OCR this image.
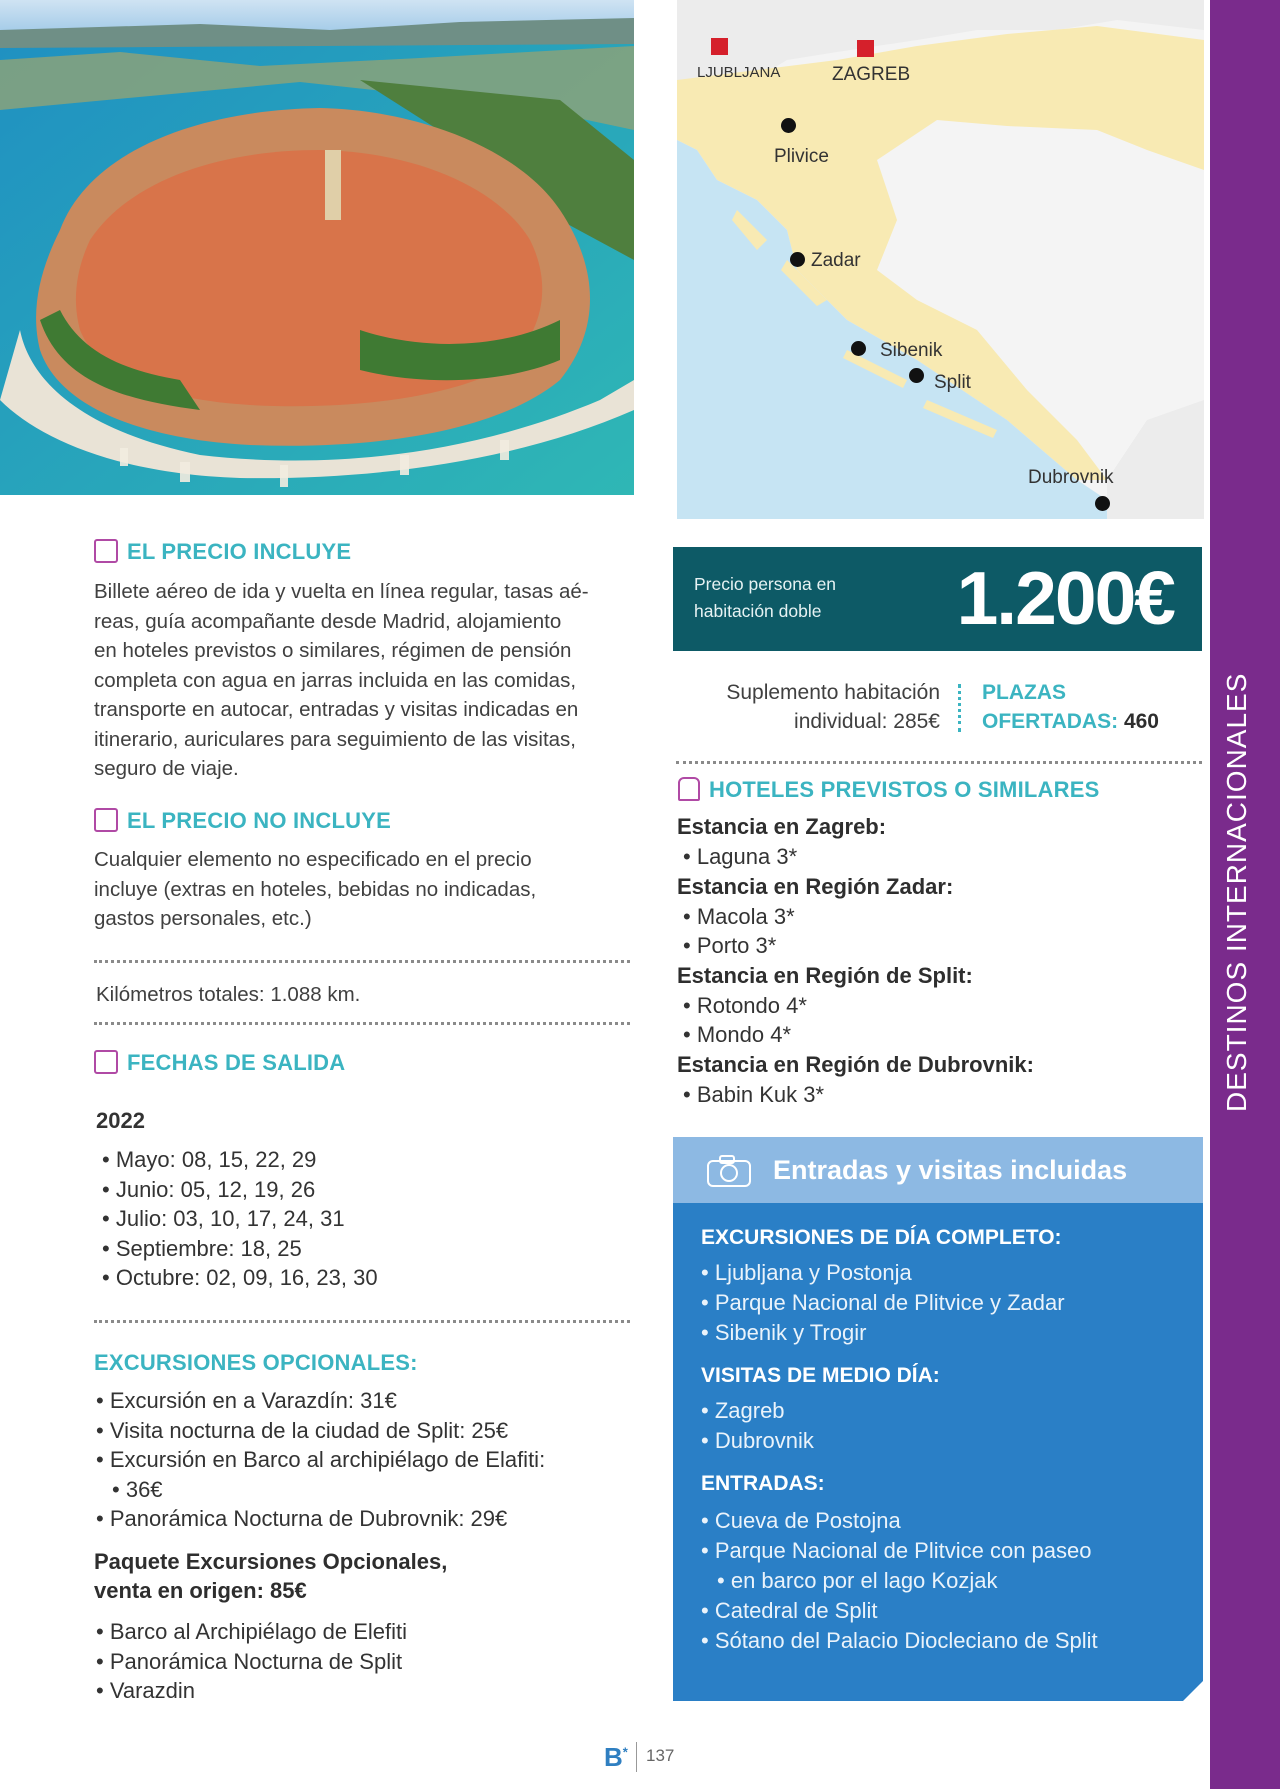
LJUBLJANA	ZAGREB
Plivice
Zadar
Sibenik
Split
Dubrovnik
DESTINOS INTERNACIONALES
EL PRECIO INCLUYE
Billete aéreo de ida y vuelta en línea regular, tasas aé-
reas, guía acompañante desde Madrid, alojamiento
en hoteles previstos o similares, régimen de pensión
completa con agua en jarras incluida en las comidas,
transporte en autocar, entradas y visitas indicadas en
itinerario, auriculares para seguimiento de las visitas,
seguro de viaje.
EL PRECIO NO INCLUYE
Cualquier elemento no especificado en el precio
incluye (extras en hoteles, bebidas no indicadas,
gastos personales, etc.)
Kilómetros totales: 1.088 km.
FECHAS DE SALIDA
2022
• Mayo: 08, 15, 22, 29
• Junio: 05, 12, 19, 26
• Julio: 03, 10, 17, 24, 31
• Septiembre: 18, 25
• Octubre: 02, 09, 16, 23, 30
EXCURSIONES OPCIONALES:
• Excursión en a Varazdín: 31€
• Visita nocturna de la ciudad de Split: 25€
• Excursión en Barco al archipiélago de Elafiti:
• 36€
• Panorámica Nocturna de Dubrovnik: 29€
Paquete Excursiones Opcionales,
venta en origen: 85€
• Barco al Archipiélago de Elefiti
• Panorámica Nocturna de Split
• Varazdin
Precio persona en
habitación doble	1.200€
Suplemento habitación
individual: 285€
PLAZAS
OFERTADAS: 460
HOTELES PREVISTOS O SIMILARES
Estancia en Zagreb:
• Laguna 3*
Estancia en Región Zadar:
• Macola 3*
• Porto 3*
Estancia en Región de Split:
• Rotondo 4*
• Mondo 4*
Estancia en Región de Dubrovnik:
• Babin Kuk 3*
Entradas y visitas incluidas
EXCURSIONES DE DÍA COMPLETO:
• Ljubljana y Postonja
• Parque Nacional de Plitvice y Zadar
• Sibenik y Trogir
VISITAS DE MEDIO DÍA:
• Zagreb
• Dubrovnik
ENTRADAS:
• Cueva de Postojna
• Parque Nacional de Plitvice con paseo
• en barco por el lago Kozjak
• Catedral de Split
• Sótano del Palacio Diocleciano de Split
B* 137
